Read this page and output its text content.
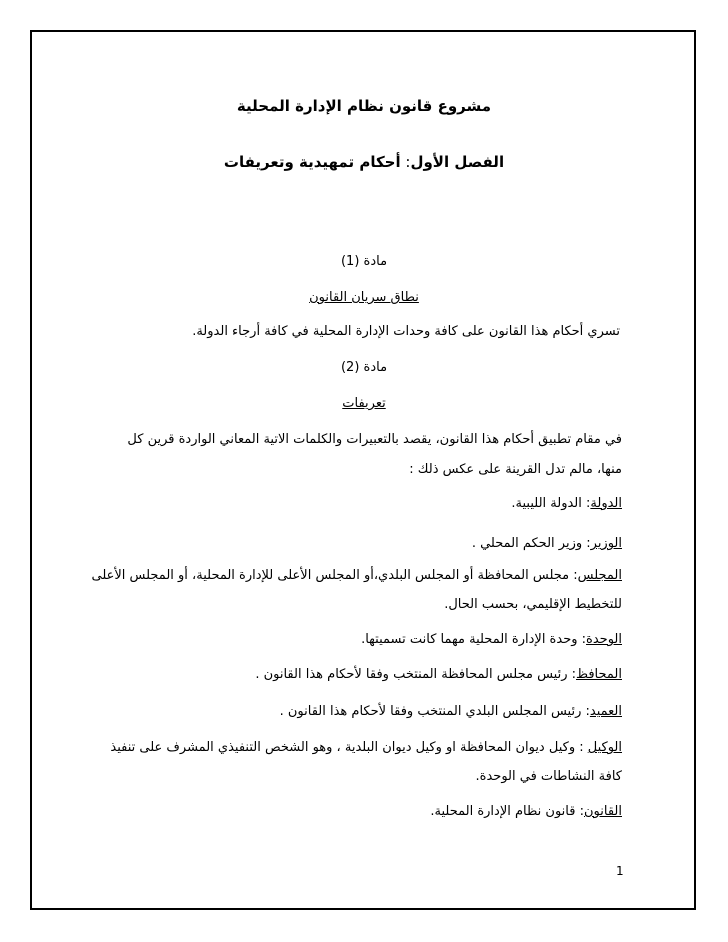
مشروع قانون نظام الإدارة المحلية
الفصل الأول: أحكام تمهيدية وتعريفات
مادة (1)
نطاق سريان القانون
تسري أحكام هذا القانون على كافة وحدات الإدارة المحلية في كافة أرجاء الدولة.
مادة (2)
تعريفات
في مقام تطبيق أحكام هذا القانون، يقصد بالتعبيرات والكلمات الاتية المعاني الواردة قرين كل
منها، مالم تدل القرينة على عكس ذلك :
الدولة: الدولة الليبية.
الوزير: وزير الحكم المحلي .
المجلس: مجلس المحافظة أو المجلس البلدي،أو المجلس الأعلى للإدارة المحلية، أو المجلس الأعلى
للتخطيط الإقليمي، بحسب الحال.
الوحدة: وحدة الإدارة المحلية مهما كانت تسميتها.
المحافظ: رئيس مجلس المحافظة المنتخب وفقا لأحكام هذا القانون .
العميد: رئيس المجلس البلدي المنتخب وفقا لأحكام هذا القانون .
الوكيل : وكيل ديوان المحافظة او وكيل ديوان البلدية ، وهو الشخص التنفيذي المشرف على تنفيذ
كافة النشاطات في الوحدة.
القانون: قانون نظام الإدارة المحلية.
1
